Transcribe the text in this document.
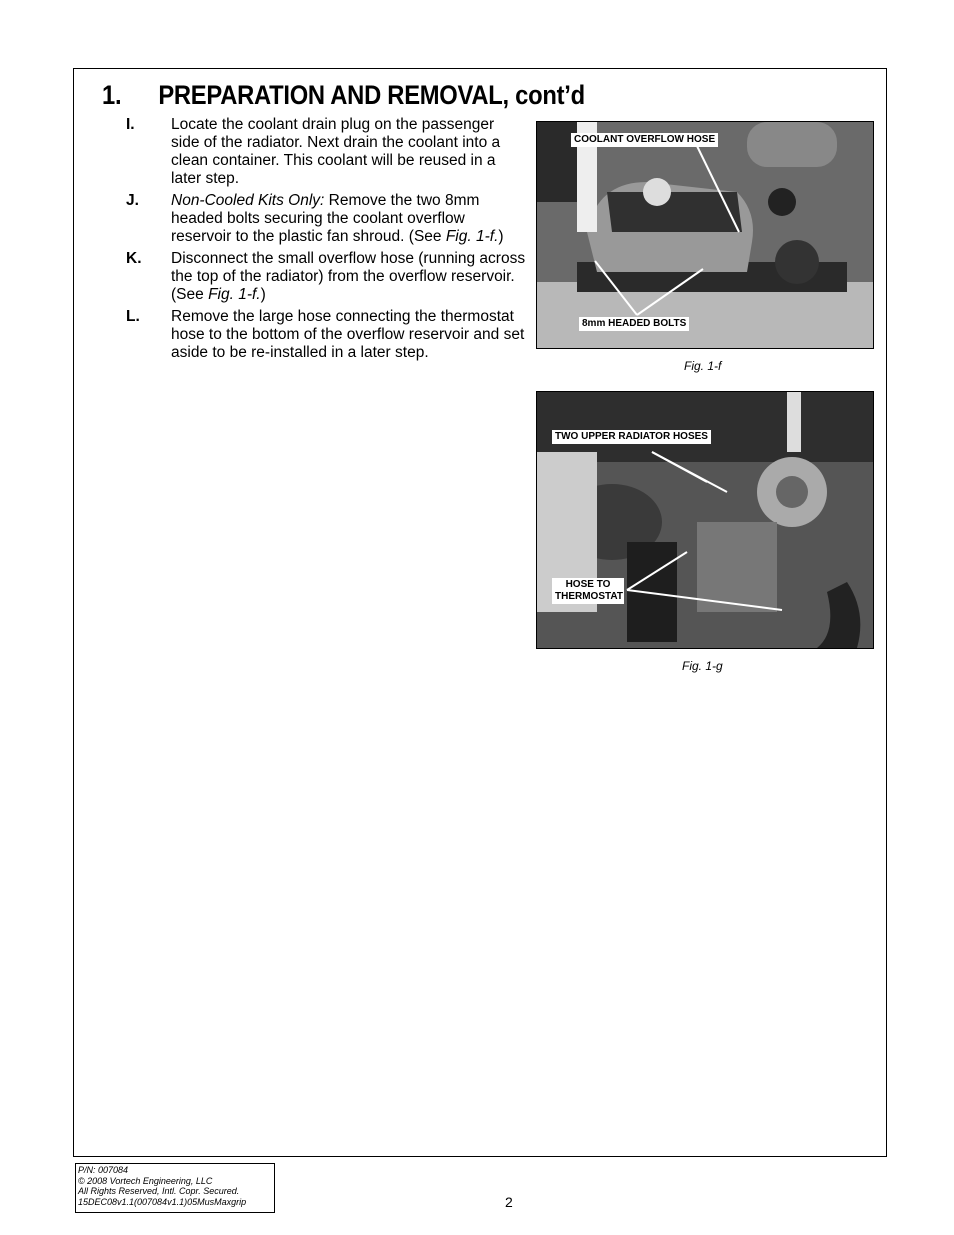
1. PREPARATION AND REMOVAL, cont’d
I.	Locate the coolant drain plug on the passenger side of the radiator. Next drain the coolant into a clean container. This coolant will be reused in a later step.
J.	Non-Cooled Kits Only: Remove the two 8mm headed bolts securing the coolant overflow reservoir to the plastic fan shroud. (See Fig. 1-f.)
K.	Disconnect the small overflow hose (running across the top of the radiator) from the overflow reservoir. (See Fig. 1-f.)
L.	Remove the large hose connecting the thermostat hose to the bottom of the overflow reservoir and set aside to be re-installed in a later step.
COOLANT OVERFLOW HOSE
8mm HEADED BOLTS
Fig. 1-f
TWO UPPER RADIATOR HOSES
HOSE TO THERMOSTAT
Fig. 1-g
P/N: 007084
© 2008 Vortech Engineering, LLC
All Rights Reserved, Intl. Copr. Secured.
15DEC08v1.1(007084v1.1)05MusMaxgrip	2
